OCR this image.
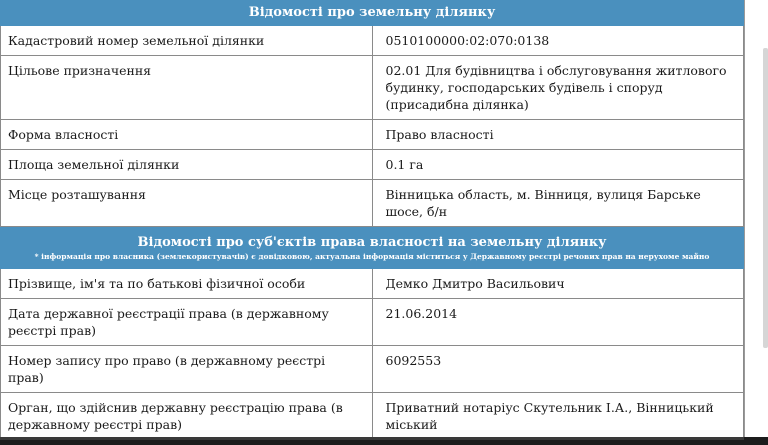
Відомості про земельну ділянку	
Кадастровий номер земельної ділянки	0510100000:02:070:0138
Цільове призначення	02.01 Для будівництва і обслуговування житлового будинку, господарських будівель і споруд (присадибна ділянка)
Форма власності	Право власності
Площа земельної ділянки	0.1 га
Місце розташування	Вінницька область, м. Вінниця, вулиця Барське шосе, б/н
Відомості про суб'єктів права власності на земельну ділянку
* інформація про власника (землекористувачів) є довідковою, актуальна інформація міститься у Державному реєстрі речових прав на нерухоме майно	

Прізвище, ім'я та по батькові фізичної особи	Демко Дмитро Васильович
Дата державної реєстрації права (в державному реєстрі прав)	21.06.2014
Номер запису про право (в державному реєстрі прав)	6092553
Орган, що здійснив державну реєстрацію права (в державному реєстрі прав)	Приватний нотаріус Скутельник І.А., Вінницький міський
